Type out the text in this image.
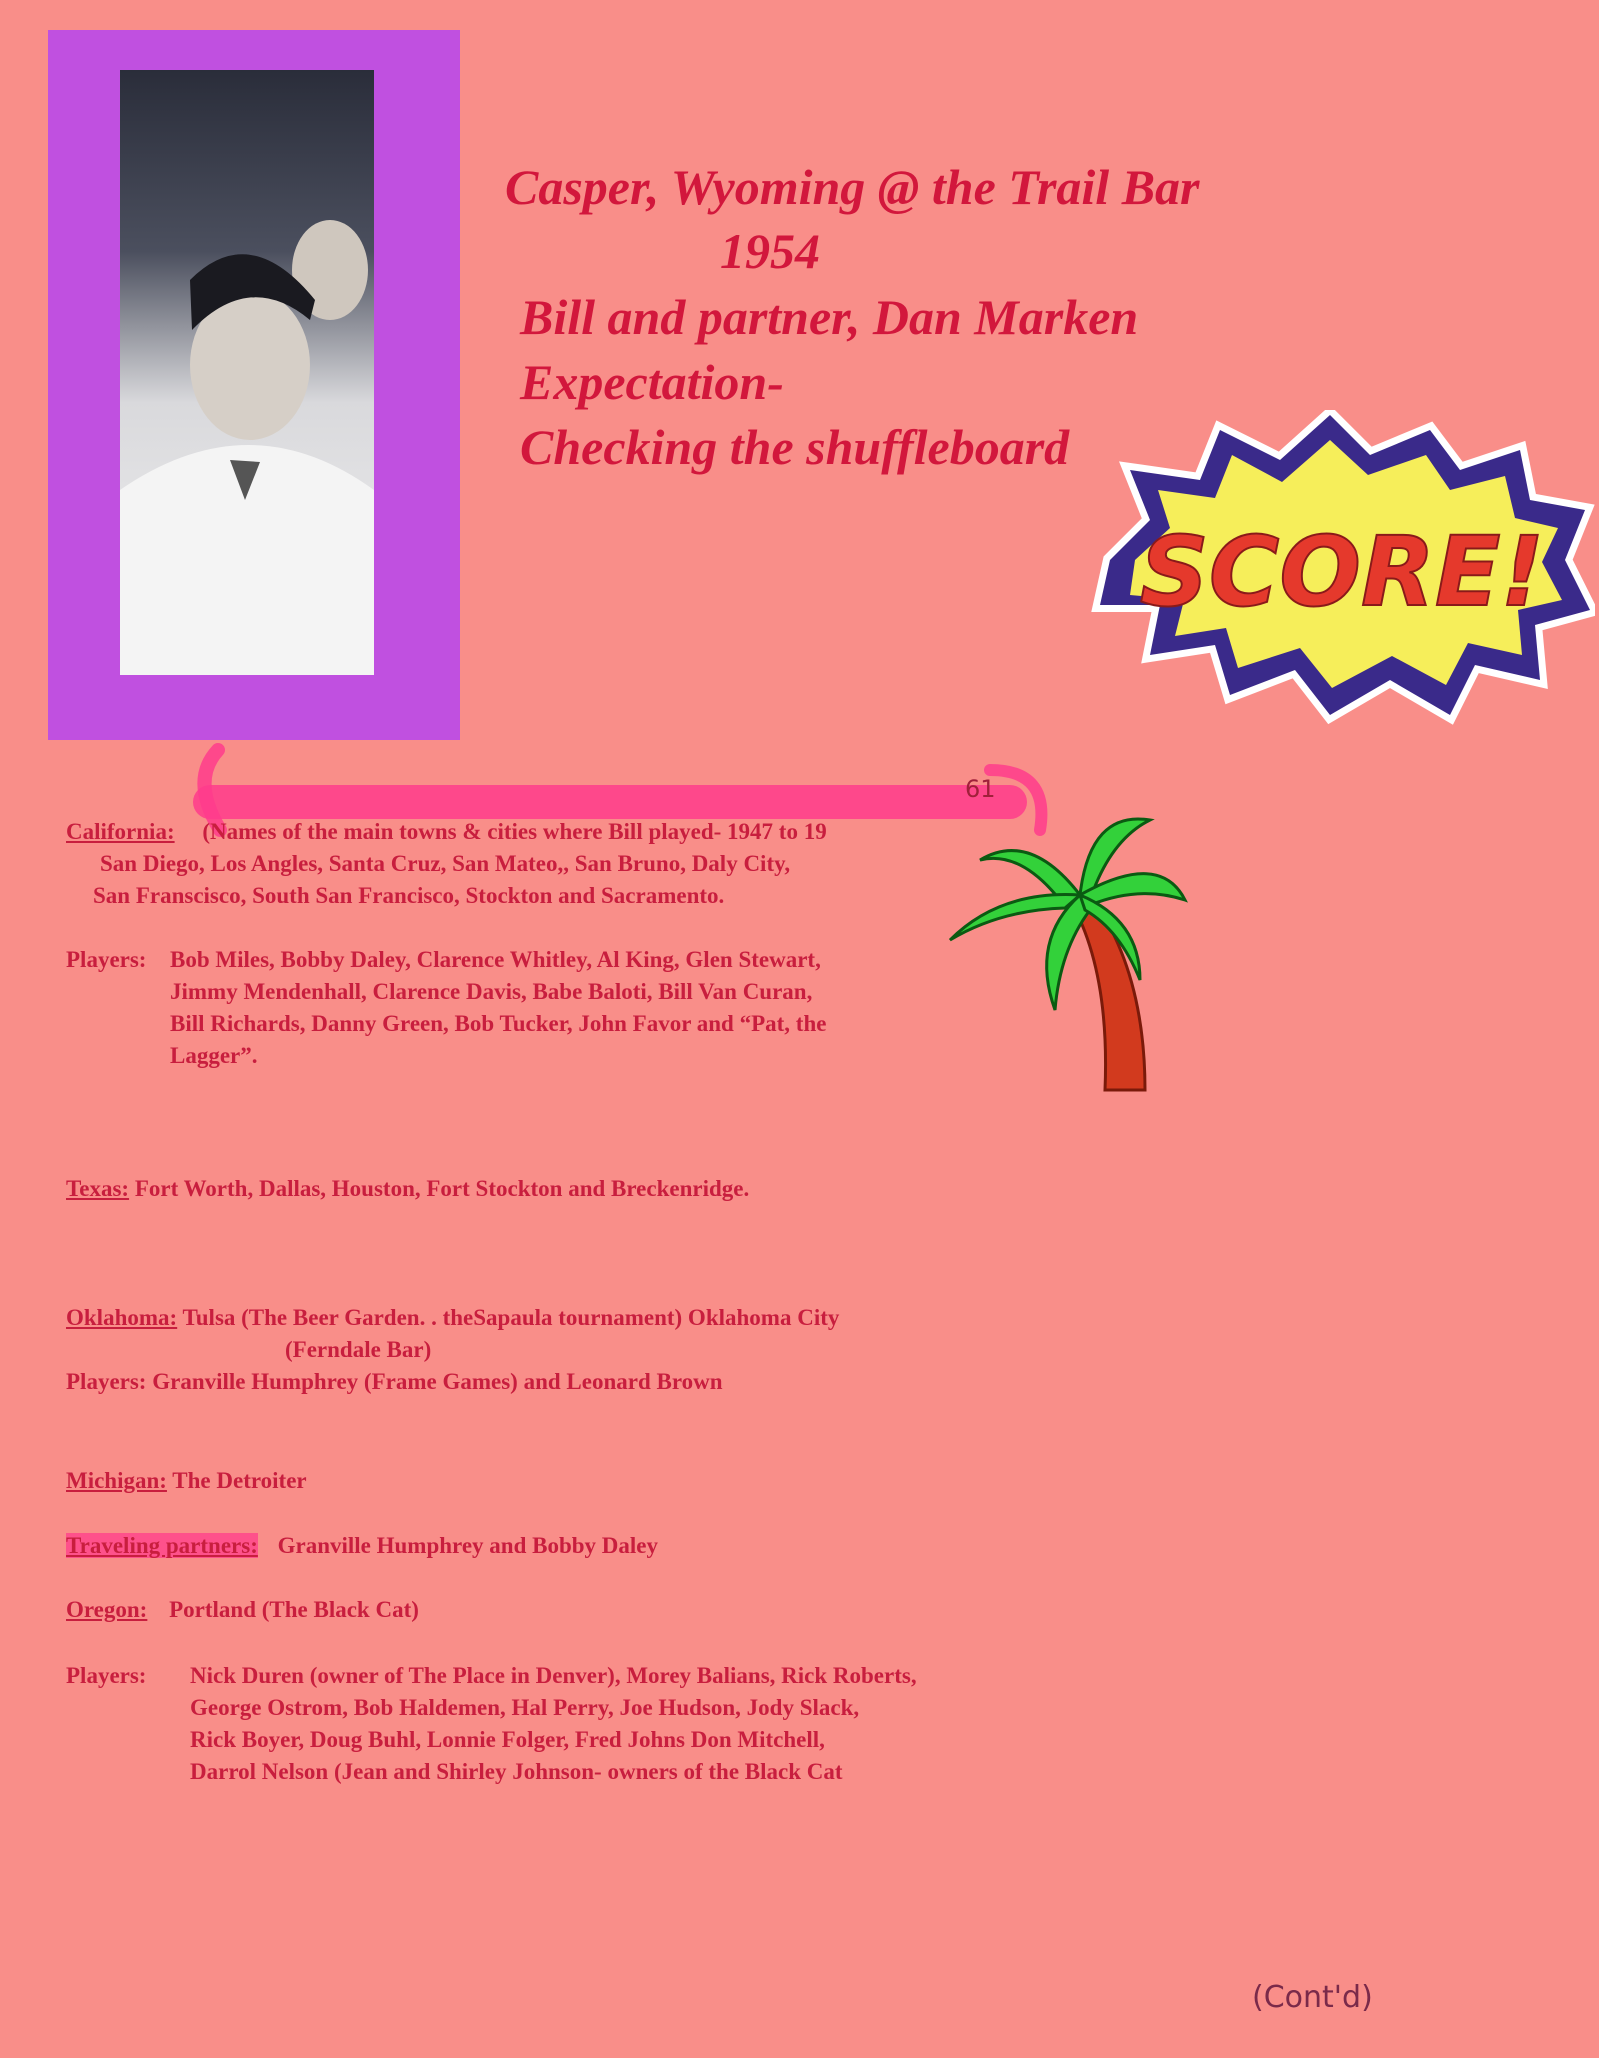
Casper, Wyoming @ the Trail Bar
1954
Bill and partner, Dan Marken
Expectation-
Checking the shuffleboard
SCORE!
61
California: (Names of the main towns & cities where Bill played- 1947 to 19
San Diego, Los Angles, Santa Cruz, San Mateo,, San Bruno, Daly City,
San Franscisco, South San Francisco, Stockton and Sacramento.
Players: Bob Miles, Bobby Daley, Clarence Whitley, Al King, Glen Stewart,
Jimmy Mendenhall, Clarence Davis, Babe Baloti, Bill Van Curan,
Bill Richards, Danny Green, Bob Tucker, John Favor and “Pat, the
Lagger”.
Texas: Fort Worth, Dallas, Houston, Fort Stockton and Breckenridge.
Oklahoma: Tulsa (The Beer Garden. . theSapaula tournament) Oklahoma City
(Ferndale Bar)
Players: Granville Humphrey (Frame Games) and Leonard Brown
Michigan: The Detroiter
Traveling partners: Granville Humphrey and Bobby Daley
Oregon: Portland (The Black Cat)
Players: Nick Duren (owner of The Place in Denver), Morey Balians, Rick Roberts,
George Ostrom, Bob Haldemen, Hal Perry, Joe Hudson, Jody Slack,
Rick Boyer, Doug Buhl, Lonnie Folger, Fred Johns Don Mitchell,
Darrol Nelson (Jean and Shirley Johnson- owners of the Black Cat
(Cont'd)
